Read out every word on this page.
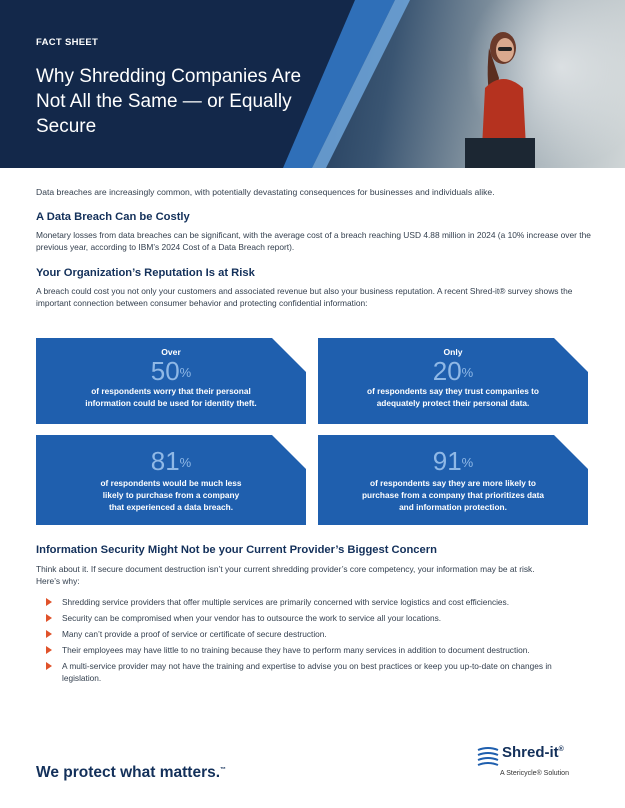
FACT SHEET
Why Shredding Companies Are Not All the Same — or Equally Secure

Data breaches are increasingly common, with potentially devastating consequences for businesses and individuals alike.

A Data Breach Can be Costly

Monetary losses from data breaches can be significant, with the average cost of a breach reaching USD 4.88 million in 2024 (a 10% increase over the previous year, according to IBM’s 2024 Cost of a Data Breach report).

Your Organization’s Reputation Is at Risk

A breach could cost you not only your customers and associated revenue but also your business reputation. A recent Shred-it® survey shows the important connection between consumer behavior and protecting confidential information:

Over
50%
of respondents worry that their personal information could be used for identity theft.
Only
20%
of respondents say they trust companies to adequately protect their personal data.
81%
of respondents would be much less likely to purchase from a company that experienced a data breach.
91%
of respondents say they are more likely to purchase from a company that prioritizes data and information protection.
Information Security Might Not be your Current Provider’s Biggest Concern

Think about it. If secure document destruction isn’t your current shredding provider’s core competency, your information may be at risk. Here’s why:

Shredding service providers that offer multiple services are primarily concerned with service logistics and cost efficiencies.
Security can be compromised when your vendor has to outsource the work to service all your locations.
Many can’t provide a proof of service or certificate of secure destruction.
Their employees may have little to no training because they have to perform many services in addition to document destruction.
A multi-service provider may not have the training and expertise to advise you on best practices or keep you up-to-date on changes in legislation.
We protect what matters.™
Shred-it®
A Stericycle® Solution
